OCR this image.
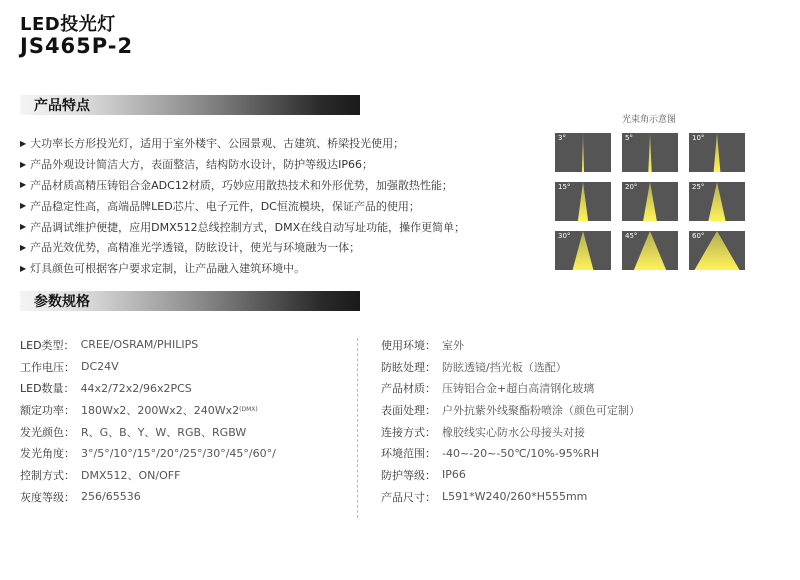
LED投光灯
JS465P-2
产品特点
▶ 大功率长方形投光灯，适用于室外楼宇、公园景观、古建筑、桥梁投光使用；
▶ 产品外观设计简洁大方，表面整洁，结构防水设计，防护等级达IP66；
▶ 产品材质高精压铸铝合金ADC12材质，巧妙应用散热技术和外形优势，加强散热性能；
▶ 产品稳定性高，高端品牌LED芯片、电子元件，DC恒流模块，保证产品的使用；
▶ 产品调试维护便捷，应用DMX512总线控制方式，DMX在线自动写址功能，操作更简单；
▶ 产品光效优势，高精准光学透镜，防眩设计，使光与环境融为一体；
▶ 灯具颜色可根据客户要求定制，让产品融入建筑环境中。
光束角示意图
3°	5°	10°
15°	20°	25°
30°	45°	60°
参数规格
LED类型： CREE/OSRAM/PHILIPS
工作电压： DC24V
LED数量： 44x2/72x2/96x2PCS
额定功率： 180Wx2、200Wx2、240Wx2 (DMX)
发光颜色： R、G、B、Y、W、RGB、RGBW
发光角度： 3°/5°/10°/15°/20°/25°/30°/45°/60°/
控制方式： DMX512、ON/OFF
灰度等级： 256/65536
使用环境： 室外
防眩处理： 防眩透镜/挡光板（选配）
产品材质： 压铸铝合金+超白高清钢化玻璃
表面处理： 户外抗紫外线聚酯粉喷涂（颜色可定制）
连接方式： 橡胶线实心防水公母接头对接
环境范围： -40~-20~-50℃/10%-95%RH
防护等级： IP66
产品尺寸： L591*W240/260*H555mm
